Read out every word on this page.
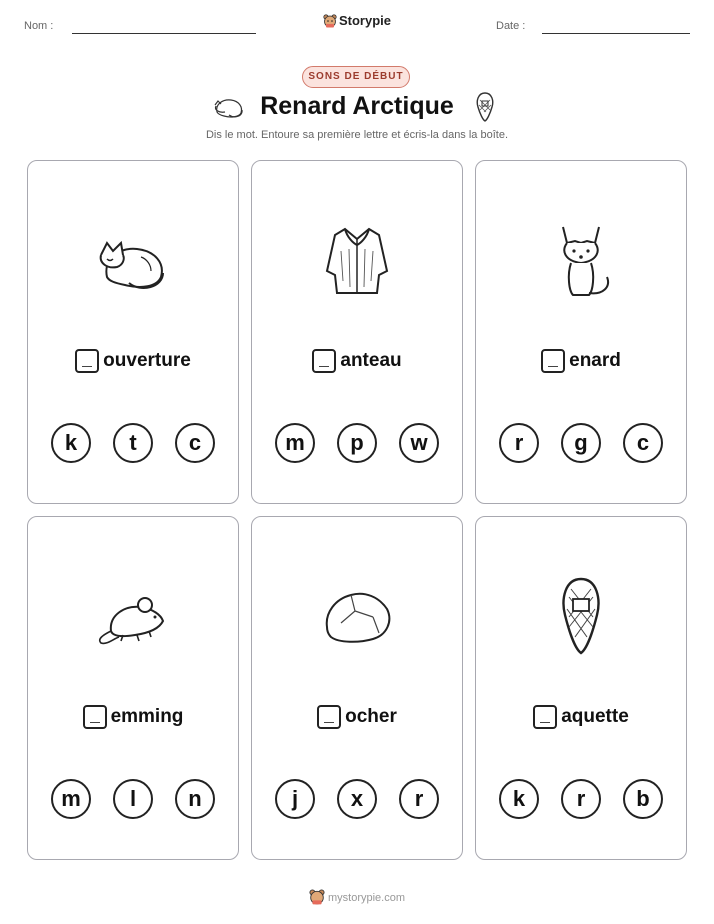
Nom :	Storypie	Date :
SONS DE DÉBUT
Renard Arctique
Dis le mot. Entoure sa première lettre et écris-la dans la boîte.
ouverture
k	t	c
anteau
m	p	w
enard
r	g	c
emming
m	l	n
ocher
j	x	r
aquette
k	r	b
mystorypie.com
